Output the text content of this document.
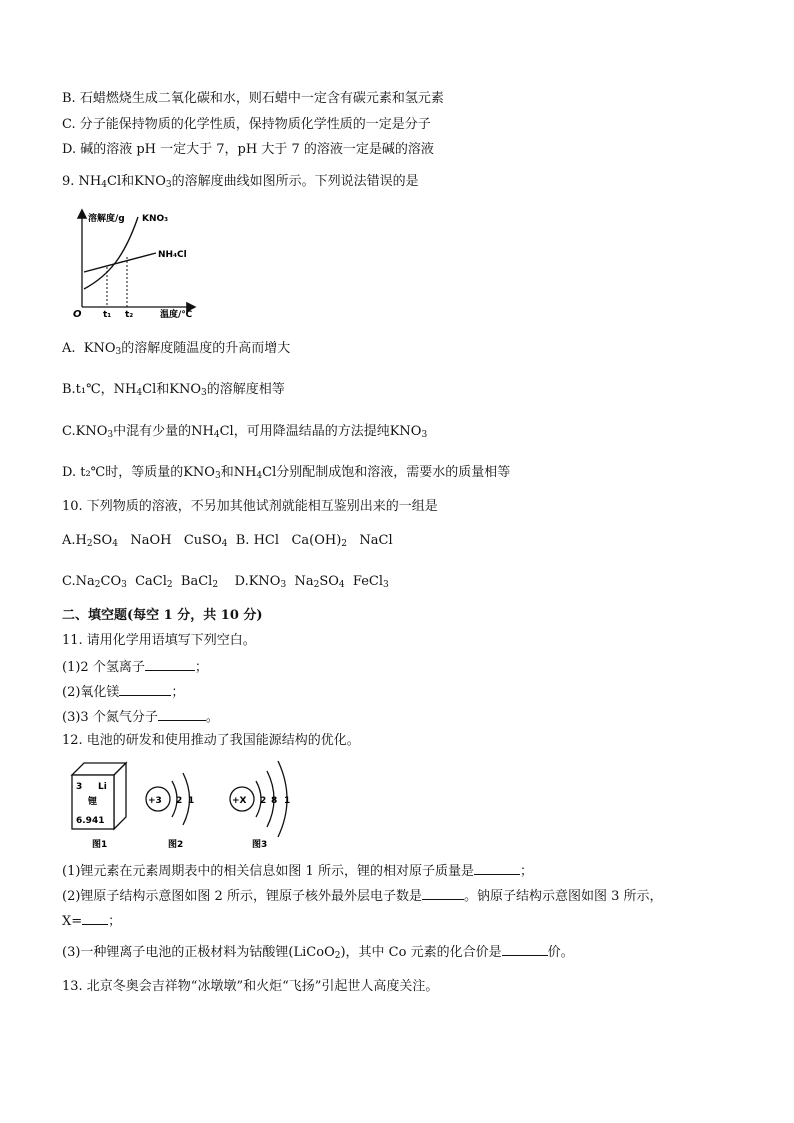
B. 石蜡燃烧生成二氧化碳和水，则石蜡中一定含有碳元素和氢元素
C. 分子能保持物质的化学性质，保持物质化学性质的一定是分子
D. 碱的溶液 pH 一定大于 7，pH 大于 7 的溶液一定是碱的溶液
9. $NH_4Cl$和$KNO_3$的溶解度曲线如图所示。下列说法错误的是
溶解度/g
O	温度/℃
t₁ t₂
KNO₃
NH₄Cl
A. $KNO_3$的溶解度随温度的升高而增大
B.t₁℃，$NH_4Cl$和$KNO_3$的溶解度相等
$C.KNO_3$中混有少量的$NH_4Cl$，可用降温结晶的方法提纯$KNO_3$
D. t₂℃时，等质量的$KNO_3$和$NH_4Cl$分别配制成饱和溶液，需要水的质量相等
10. 下列物质的溶液，不另加其他试剂就能相互鉴别出来的一组是
$A.H_2SO_4$ NaOH CuSO$_4$ B. HCl $Ca(OH)_2$ NaCl
$C.Na_2CO_3$ CaCl$_2$ BaCl$_2$ $D.KNO_3$ $Na_2SO_4$ FeCl$_3$
二、填空题(每空 1 分，共 10 分)
11. 请用化学用语填写下列空白。
(1)2 个氢离子	；
(2)氧化镁	；
(3)3 个氮气分子	。
12. 电池的研发和使用推动了我国能源结构的优化。
3 Li
锂
6.941
图1
+3 2 1
图2
+X 2 8 1
图3
(1)锂元素在元素周期表中的相关信息如图 1 所示，锂的相对原子质量是	；
(2)锂原子结构示意图如图 2 所示，锂原子核外最外层电子数是	。钠原子结构示意图如图 3 所示，
X= ；
(3)一种锂离子电池的正极材料为钴酸锂(LiCoO$_2$)，其中 Co 元素的化合价是	价。
13. 北京冬奥会吉祥物“冰墩墩”和火炬“飞扬”引起世人高度关注。
